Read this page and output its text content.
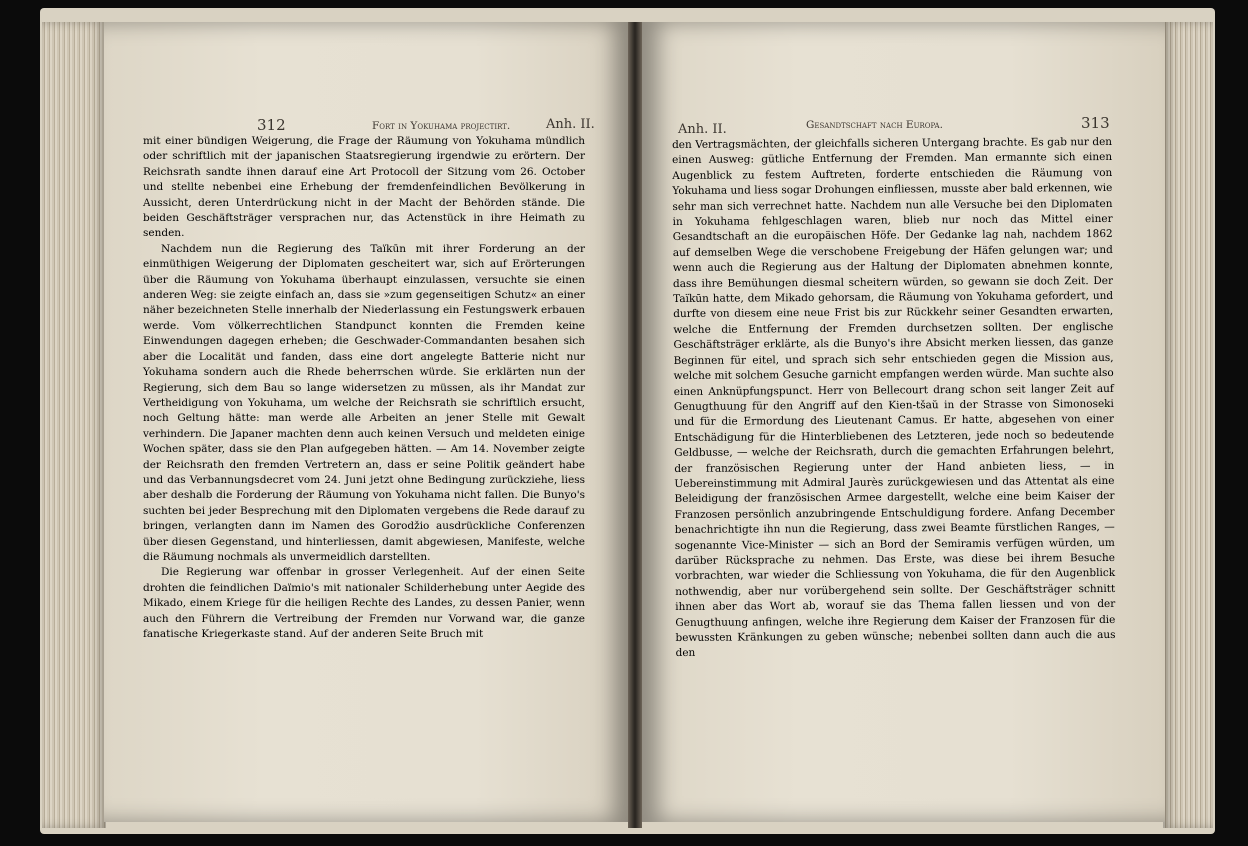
312	Fort in Yokuhama projectirt.	Anh. II.

mit einer bündigen Weigerung, die Frage der Räumung von Yokuhama mündlich oder schriftlich mit der japanischen Staatsregierung irgendwie zu erörtern. Der Reichsrath sandte ihnen darauf eine Art Protocoll der Sitzung vom 26. October und stellte nebenbei eine Erhebung der fremdenfeindlichen Bevölkerung in Aussicht, deren Unterdrückung nicht in der Macht der Behörden stände. Die beiden Geschäftsträger versprachen nur, das Actenstück in ihre Heimath zu senden.

Nachdem nun die Regierung des Taïkūn mit ihrer Forderung an der einmüthigen Weigerung der Diplomaten gescheitert war, sich auf Erörterungen über die Räumung von Yokuhama überhaupt einzulassen, versuchte sie einen anderen Weg: sie zeigte einfach an, dass sie »zum gegenseitigen Schutz« an einer näher bezeichneten Stelle innerhalb der Niederlassung ein Festungswerk erbauen werde. Vom völkerrechtlichen Standpunct konnten die Fremden keine Einwendungen dagegen erheben; die Geschwader-Commandanten besahen sich aber die Localität und fanden, dass eine dort angelegte Batterie nicht nur Yokuhama sondern auch die Rhede beherrschen würde. Sie erklärten nun der Regierung, sich dem Bau so lange widersetzen zu müssen, als ihr Mandat zur Vertheidigung von Yokuhama, um welche der Reichsrath sie schriftlich ersucht, noch Geltung hätte: man werde alle Arbeiten an jener Stelle mit Gewalt verhindern. Die Japaner machten denn auch keinen Versuch und meldeten einige Wochen später, dass sie den Plan aufgegeben hätten. — Am 14. November zeigte der Reichsrath den fremden Vertretern an, dass er seine Politik geändert habe und das Verbannungsdecret vom 24. Juni jetzt ohne Bedingung zurückziehe, liess aber deshalb die Forderung der Räumung von Yokuhama nicht fallen. Die Bunyo's suchten bei jeder Besprechung mit den Diplomaten vergebens die Rede darauf zu bringen, verlangten dann im Namen des Gorodžio ausdrückliche Conferenzen über diesen Gegenstand, und hinterliessen, damit abgewiesen, Manifeste, welche die Räumung nochmals als unvermeidlich darstellten.

Die Regierung war offenbar in grosser Verlegenheit. Auf der einen Seite drohten die feindlichen Daïmio's mit nationaler Schilderhebung unter Aegide des Mikado, einem Kriege für die heiligen Rechte des Landes, zu dessen Panier, wenn auch den Führern die Vertreibung der Fremden nur Vorwand war, die ganze fanatische Kriegerkaste stand. Auf der anderen Seite Bruch mit

Anh. II.	Gesandtschaft nach Europa.	313

den Vertragsmächten, der gleichfalls sicheren Untergang brachte. Es gab nur den einen Ausweg: gütliche Entfernung der Fremden. Man ermannte sich einen Augenblick zu festem Auftreten, forderte entschieden die Räumung von Yokuhama und liess sogar Drohungen einfliessen, musste aber bald erkennen, wie sehr man sich verrechnet hatte. Nachdem nun alle Versuche bei den Diplomaten in Yokuhama fehlgeschlagen waren, blieb nur noch das Mittel einer Gesandtschaft an die europäischen Höfe. Der Gedanke lag nah, nachdem 1862 auf demselben Wege die verschobene Freigebung der Häfen gelungen war; und wenn auch die Regierung aus der Haltung der Diplomaten abnehmen konnte, dass ihre Bemühungen diesmal scheitern würden, so gewann sie doch Zeit. Der Taïkūn hatte, dem Mikado gehorsam, die Räumung von Yokuhama gefordert, und durfte von diesem eine neue Frist bis zur Rückkehr seiner Gesandten erwarten, welche die Entfernung der Fremden durchsetzen sollten. Der englische Geschäftsträger erklärte, als die Bunyo's ihre Absicht merken liessen, das ganze Beginnen für eitel, und sprach sich sehr entschieden gegen die Mission aus, welche mit solchem Gesuche garnicht empfangen werden würde. Man suchte also einen Anknüpfungspunct. Herr von Bellecourt drang schon seit langer Zeit auf Genugthuung für den Angriff auf den Kien-tšaŭ in der Strasse von Simonoseki und für die Ermordung des Lieutenant Camus. Er hatte, abgesehen von einer Entschädigung für die Hinterbliebenen des Letzteren, jede noch so bedeutende Geldbusse, — welche der Reichsrath, durch die gemachten Erfahrungen belehrt, der französischen Regierung unter der Hand anbieten liess, — in Uebereinstimmung mit Admiral Jaurès zurückgewiesen und das Attentat als eine Beleidigung der französischen Armee dargestellt, welche eine beim Kaiser der Franzosen persönlich anzubringende Entschuldigung fordere. Anfang December benachrichtigte ihn nun die Regierung, dass zwei Beamte fürstlichen Ranges, — sogenannte Vice-Minister — sich an Bord der Semiramis verfügen würden, um darüber Rücksprache zu nehmen. Das Erste, was diese bei ihrem Besuche vorbrachten, war wieder die Schliessung von Yokuhama, die für den Augenblick nothwendig, aber nur vorübergehend sein sollte. Der Geschäftsträger schnitt ihnen aber das Wort ab, worauf sie das Thema fallen liessen und von der Genugthuung anfingen, welche ihre Regierung dem Kaiser der Franzosen für die bewussten Kränkungen zu geben wünsche; nebenbei sollten dann auch die aus den
